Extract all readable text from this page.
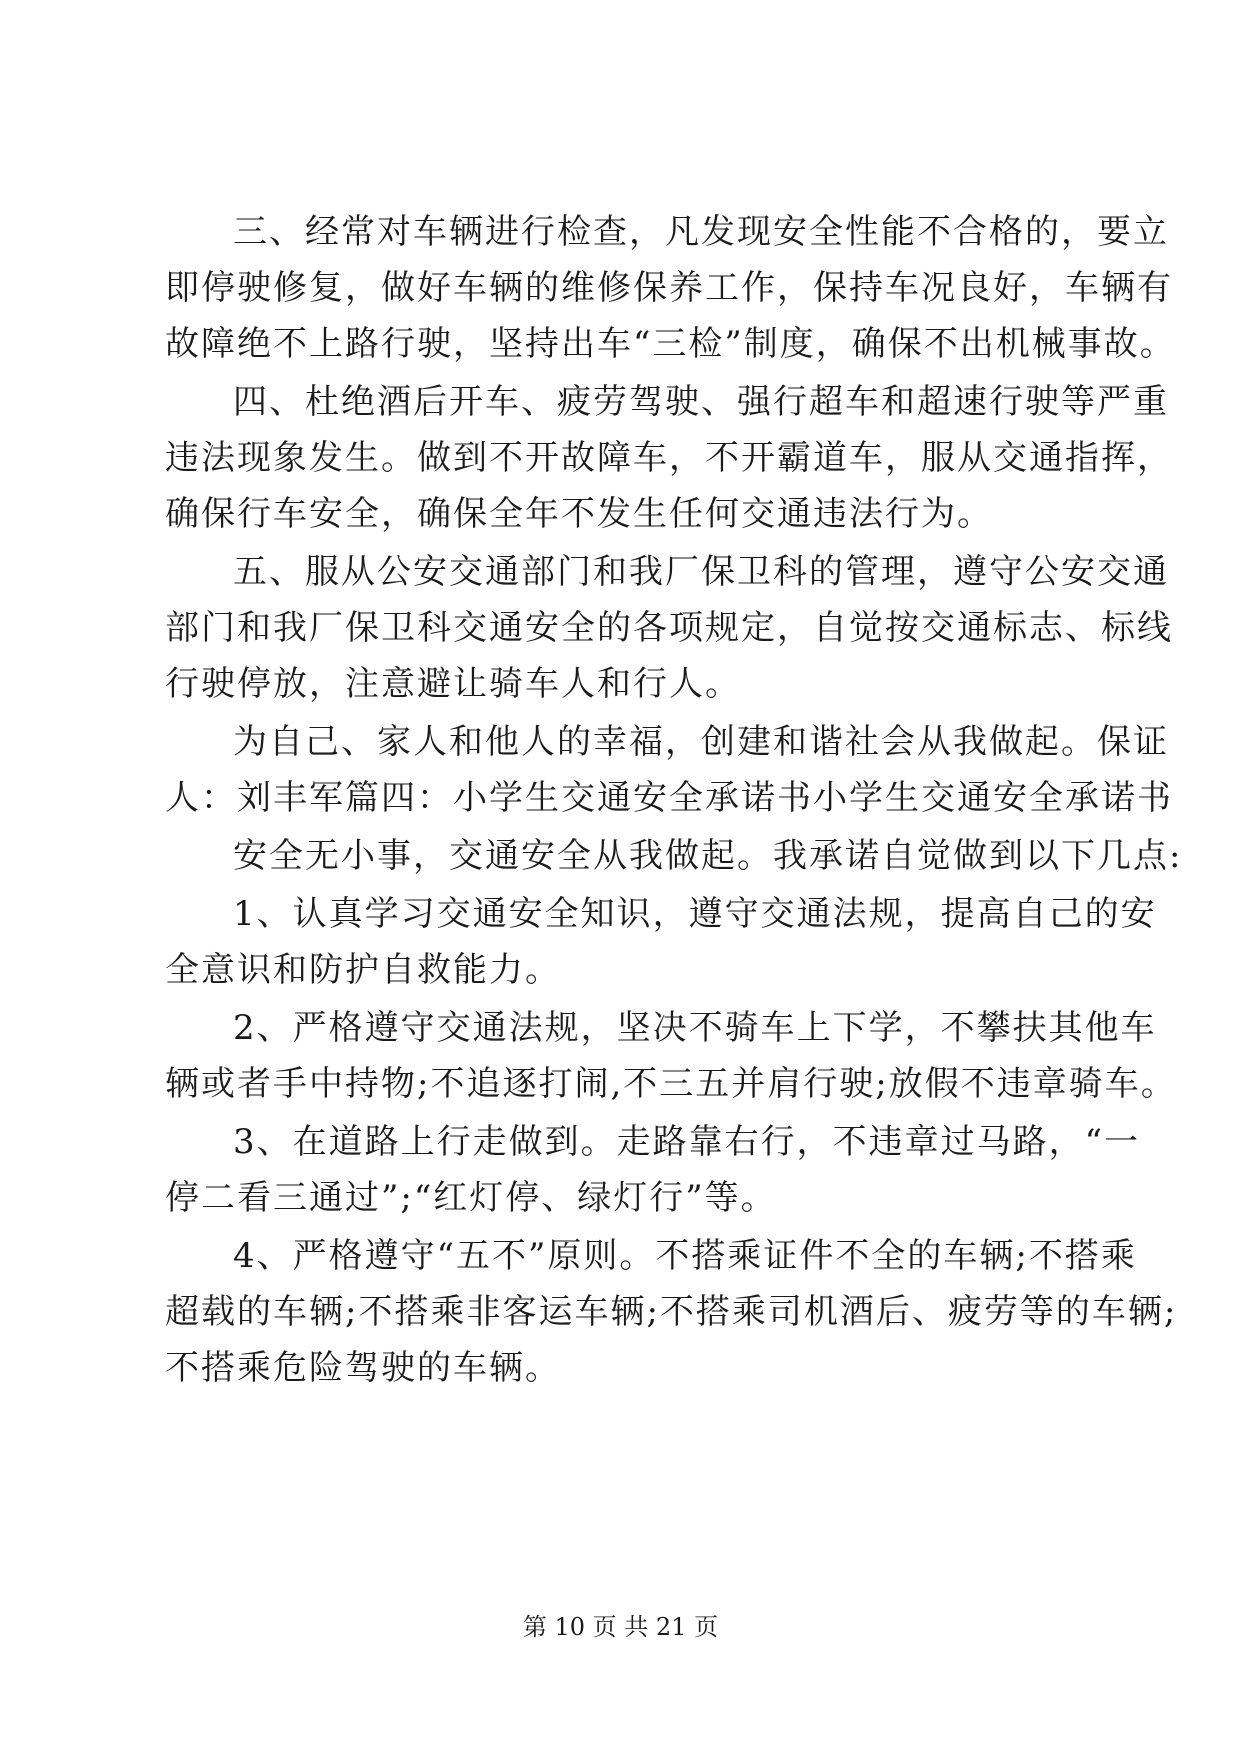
三、经常对车辆进行检查，凡发现安全性能不合格的，要立
即停驶修复，做好车辆的维修保养工作，保持车况良好，车辆有
故障绝不上路行驶，坚持出车“三检”制度，确保不出机械事故。
四、杜绝酒后开车、疲劳驾驶、强行超车和超速行驶等严重
违法现象发生。做到不开故障车，不开霸道车，服从交通指挥，
确保行车安全，确保全年不发生任何交通违法行为。
五、服从公安交通部门和我厂保卫科的管理，遵守公安交通
部门和我厂保卫科交通安全的各项规定，自觉按交通标志、标线
行驶停放，注意避让骑车人和行人。
为自己、家人和他人的幸福，创建和谐社会从我做起。保证
人：刘丰军篇四：小学生交通安全承诺书小学生交通安全承诺书
安全无小事，交通安全从我做起。我承诺自觉做到以下几点:
1、认真学习交通安全知识，遵守交通法规，提高自己的安
全意识和防护自救能力。
2、严格遵守交通法规，坚决不骑车上下学，不攀扶其他车
辆或者手中持物;不追逐打闹,不三五并肩行驶;放假不违章骑车。
3、在道路上行走做到。走路靠右行，不违章过马路，“一
停二看三通过”;“红灯停、绿灯行”等。
4、严格遵守“五不”原则。不搭乘证件不全的车辆;不搭乘
超载的车辆;不搭乘非客运车辆;不搭乘司机酒后、疲劳等的车辆;
不搭乘危险驾驶的车辆。
第 10 页 共 21 页
